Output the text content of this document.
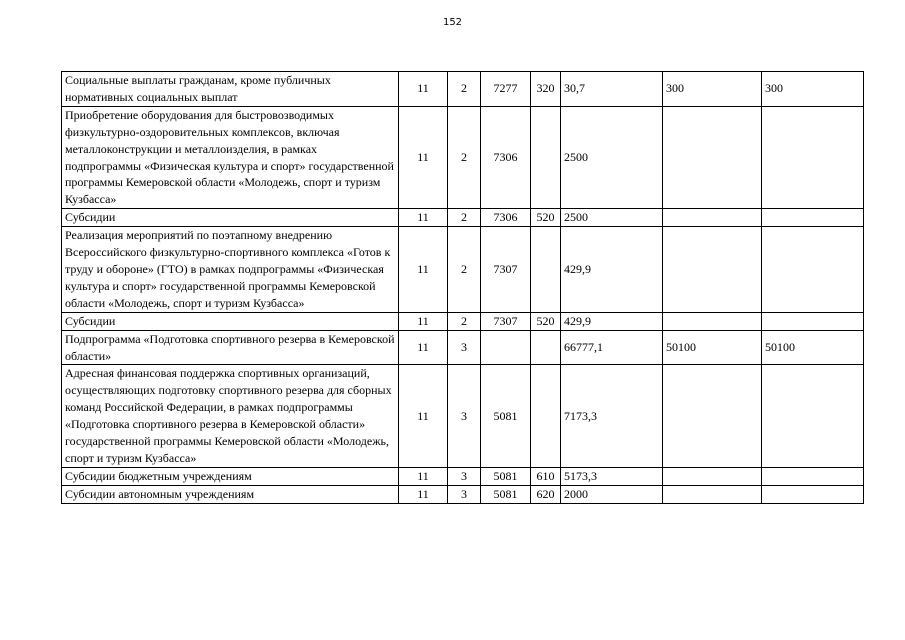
152
Социальные выплаты гражданам, кроме публичных нормативных социальных выплат	11	2	7277	320	30,7	300	300
Приобретение оборудования для быстровозводимых физкультурно-оздоровительных комплексов, включая металлоконструкции и металлоизделия, в рамках подпрограммы «Физическая культура и спорт» государственной программы Кемеровской области «Молодежь, спорт и туризм Кузбасса»	11	2	7306		2500		
Субсидии	11	2	7306	520	2500		
Реализация мероприятий по поэтапному внедрению Всероссийского физкультурно-спортивного комплекса «Готов к труду и обороне» (ГТО) в рамках подпрограммы «Физическая культура и спорт» государственной программы Кемеровской области «Молодежь, спорт и туризм Кузбасса»	11	2	7307		429,9		
Субсидии	11	2	7307	520	429,9		
Подпрограмма «Подготовка спортивного резерва в Кемеровской области»	11	3			66777,1	50100	50100
Адресная финансовая поддержка спортивных организаций, осуществляющих подготовку спортивного резерва для сборных команд Российской Федерации, в рамках подпрограммы «Подготовка спортивного резерва в Кемеровской области» государственной программы Кемеровской области «Молодежь, спорт и туризм Кузбасса»	11	3	5081		7173,3		
Субсидии бюджетным учреждениям	11	3	5081	610	5173,3		
Субсидии автономным учреждениям	11	3	5081	620	2000		
